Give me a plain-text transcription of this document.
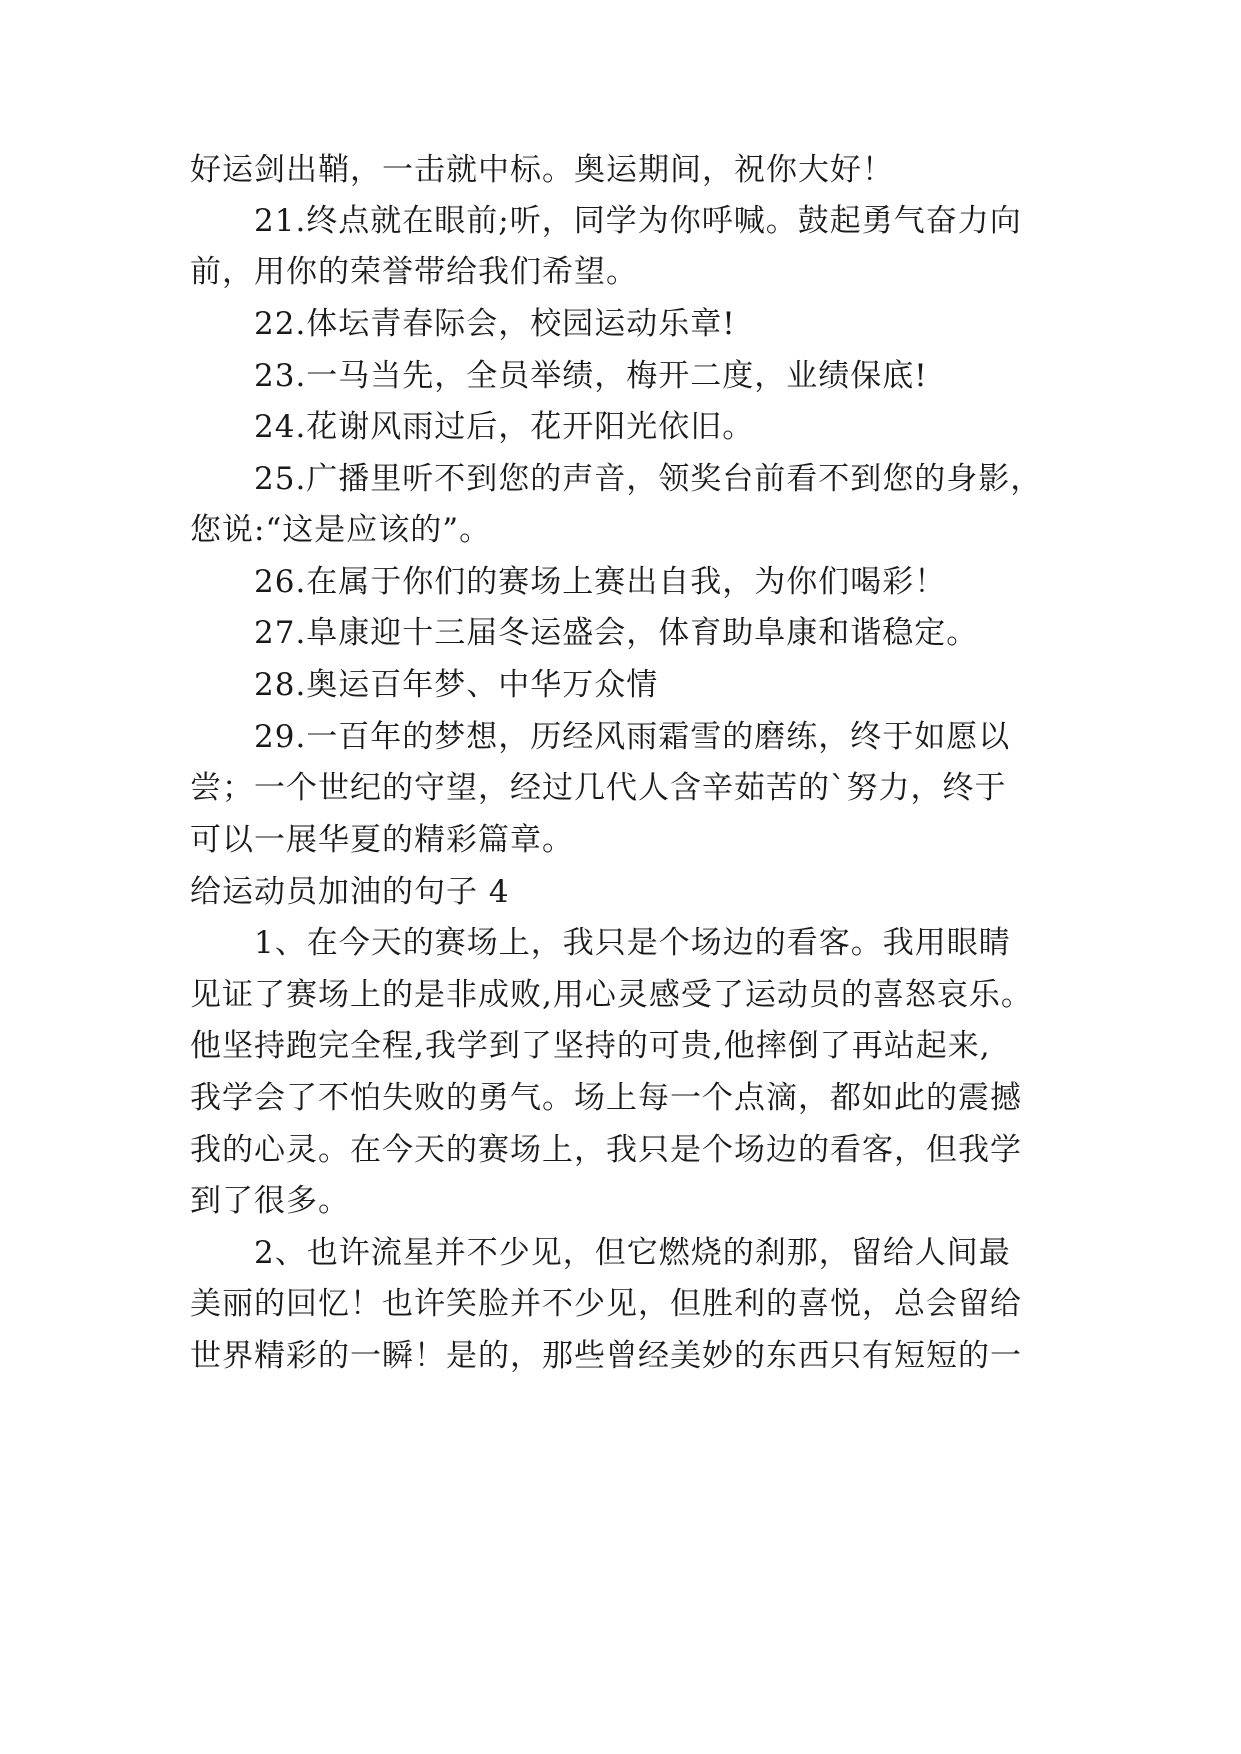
好运剑出鞘，一击就中标。奥运期间，祝你大好！
21.终点就在眼前;听，同学为你呼喊。鼓起勇气奋力向
前，用你的荣誉带给我们希望。
22.体坛青春际会，校园运动乐章!
23.一马当先，全员举绩，梅开二度，业绩保底!
24.花谢风雨过后，花开阳光依旧。
25.广播里听不到您的声音，领奖台前看不到您的身影，
您说:“这是应该的”。
26.在属于你们的赛场上赛出自我，为你们喝彩！
27.阜康迎十三届冬运盛会，体育助阜康和谐稳定。
28.奥运百年梦、中华万众情
29.一百年的梦想，历经风雨霜雪的磨练，终于如愿以
尝；一个世纪的守望，经过几代人含辛茹苦的`努力，终于
可以一展华夏的精彩篇章。
给运动员加油的句子 4
1、在今天的赛场上，我只是个场边的看客。我用眼睛
见证了赛场上的是非成败,用心灵感受了运动员的喜怒哀乐。
他坚持跑完全程,我学到了坚持的可贵,他摔倒了再站起来,
我学会了不怕失败的勇气。场上每一个点滴，都如此的震撼
我的心灵。在今天的赛场上，我只是个场边的看客，但我学
到了很多。
2、也许流星并不少见，但它燃烧的刹那，留给人间最
美丽的回忆！也许笑脸并不少见，但胜利的喜悦，总会留给
世界精彩的一瞬！是的，那些曾经美妙的东西只有短短的一
